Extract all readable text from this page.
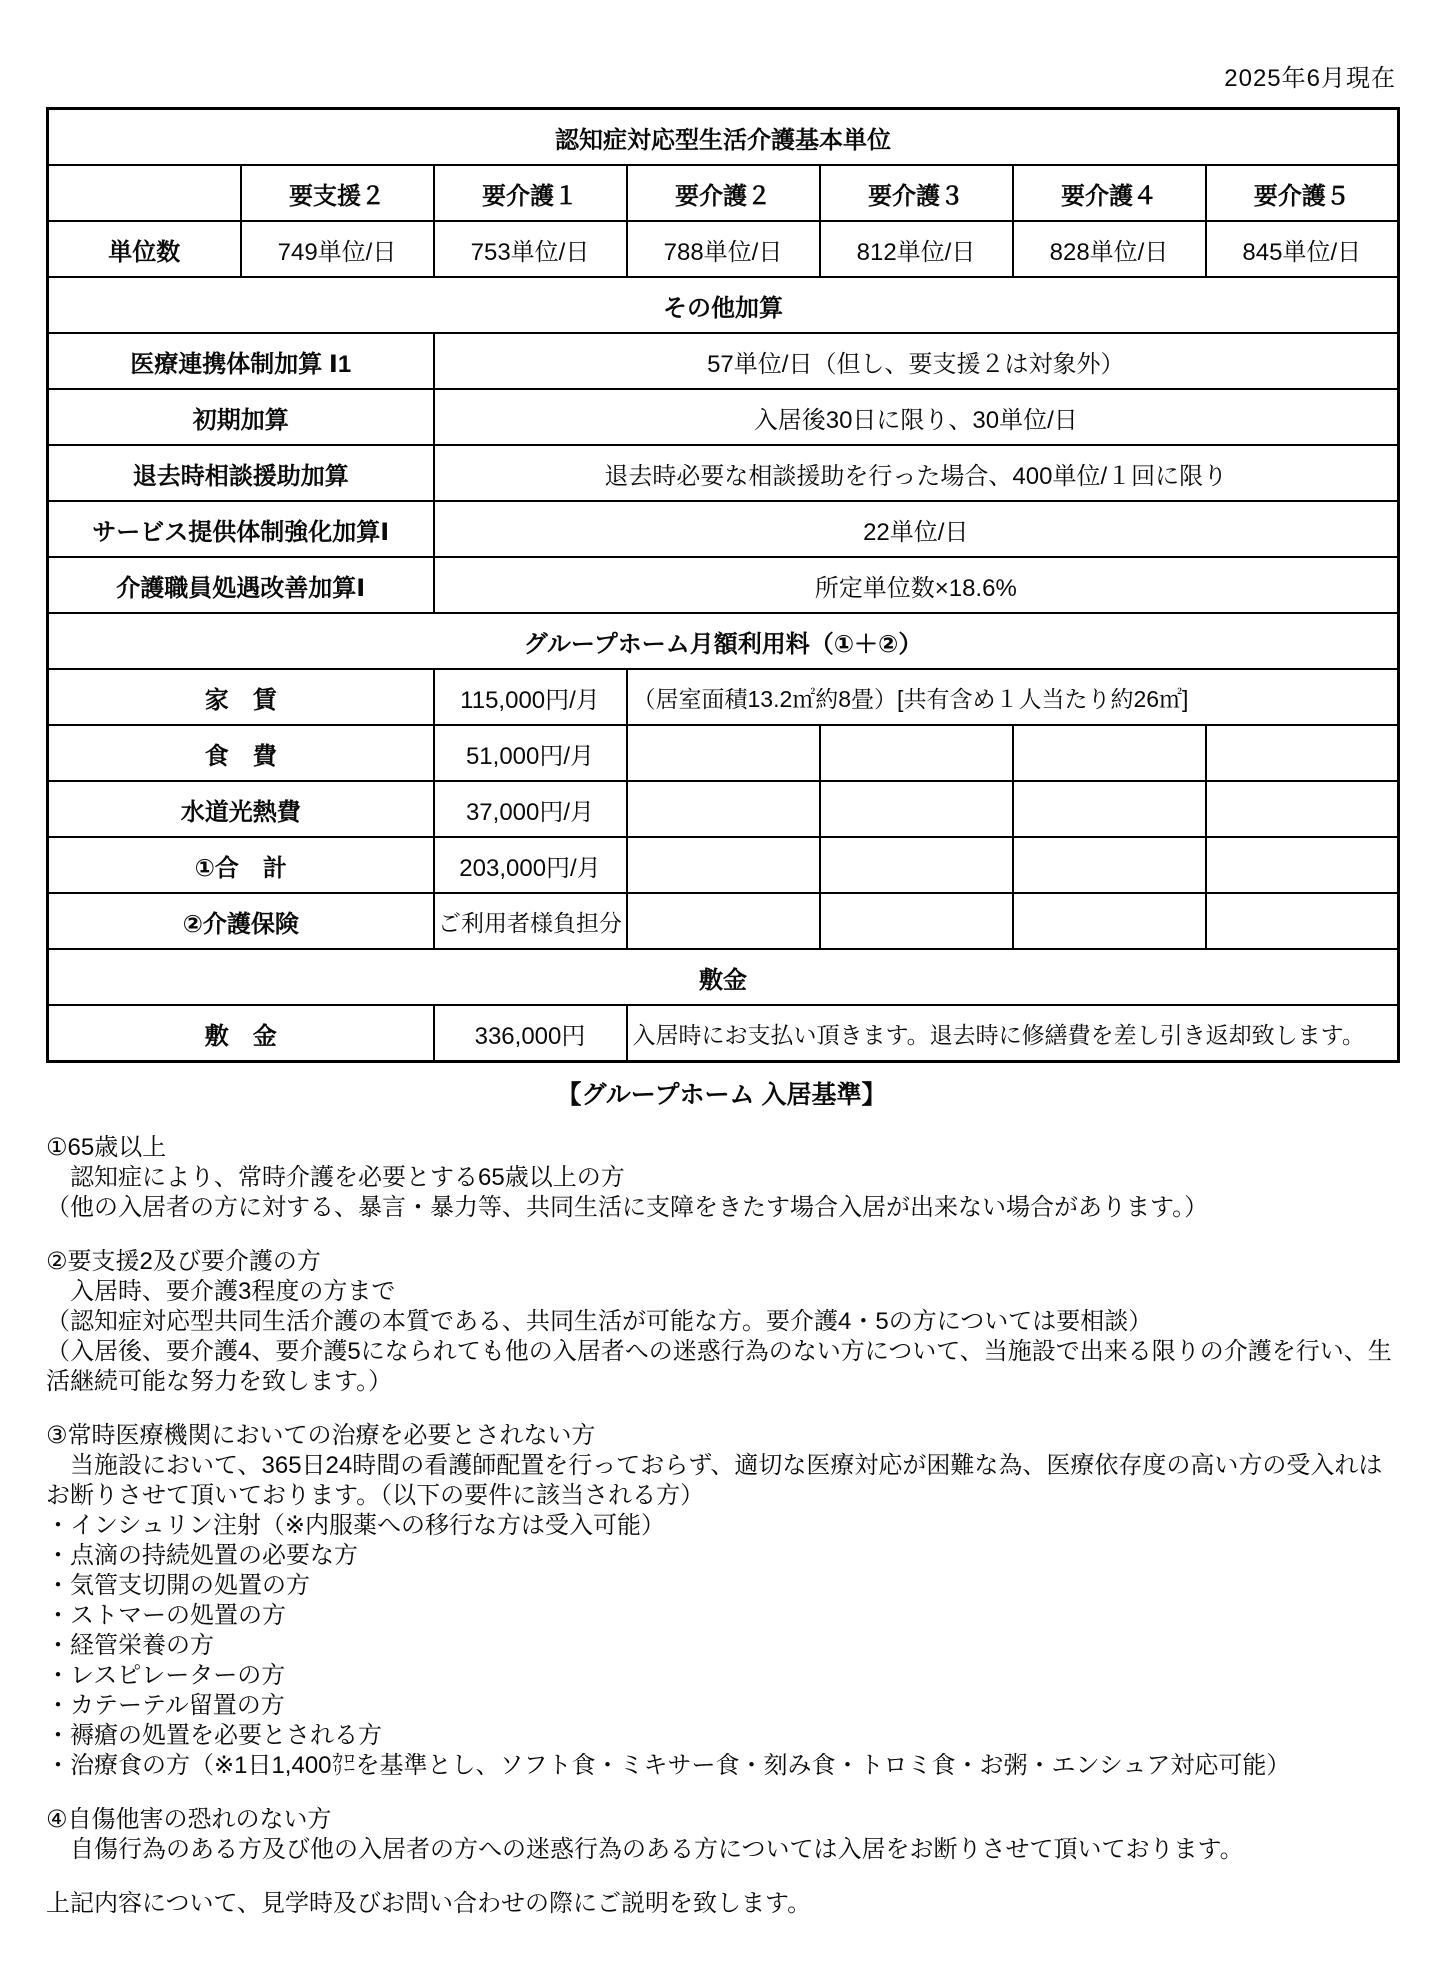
2025年6月現在
認知症対応型生活介護基本単位						
	要支援２	要介護１	要介護２	要介護３	要介護４	要介護５
単位数	749単位/日	753単位/日	788単位/日	812単位/日	828単位/日	845単位/日
その他加算						
医療連携体制加算 Ⅰ1		57単位/日（但し、要支援２は対象外）				
初期加算		入居後30日に限り、30単位/日				
退去時相談援助加算		退去時必要な相談援助を行った場合、400単位/１回に限り				
サービス提供体制強化加算Ⅰ		22単位/日				
介護職員処遇改善加算Ⅰ		所定単位数×18.6%				
グループホーム月額利用料（①＋②）						
家　賃		115,000円/月	（居室面積13.2㎡約8畳）[共有含め１人当たり約26㎡]			
食　費		51,000円/月				
水道光熱費		37,000円/月				
①合　計		203,000円/月				
②介護保険		ご利用者様負担分				
敷金						
敷　金		336,000円	入居時にお支払い頂きます。退去時に修繕費を差し引き返却致します。			
【グループホーム 入居基準】
①65歳以上
　認知症により、常時介護を必要とする65歳以上の方
（他の入居者の方に対する、暴言・暴力等、共同生活に支障をきたす場合入居が出来ない場合があります。）
②要支援2及び要介護の方
　入居時、要介護3程度の方まで
（認知症対応型共同生活介護の本質である、共同生活が可能な方。要介護4・5の方については要相談）
（入居後、要介護4、要介護5になられても他の入居者への迷惑行為のない方について、当施設で出来る限りの介護を行い、生活継続可能な努力を致します。）
③常時医療機関においての治療を必要とされない方
　当施設において、365日24時間の看護師配置を行っておらず、適切な医療対応が困難な為、医療依存度の高い方の受入れはお断りさせて頂いております。（以下の要件に該当される方）
・インシュリン注射（※内服薬への移行な方は受入可能）
・点滴の持続処置の必要な方
・気管支切開の処置の方
・ストマーの処置の方
・経管栄養の方
・レスピレーターの方
・カテーテル留置の方
・褥瘡の処置を必要とされる方
・治療食の方（※1日1,400㌍を基準とし、ソフト食・ミキサー食・刻み食・トロミ食・お粥・エンシュア対応可能）
④自傷他害の恐れのない方
　自傷行為のある方及び他の入居者の方への迷惑行為のある方については入居をお断りさせて頂いております。
上記内容について、見学時及びお問い合わせの際にご説明を致します。
